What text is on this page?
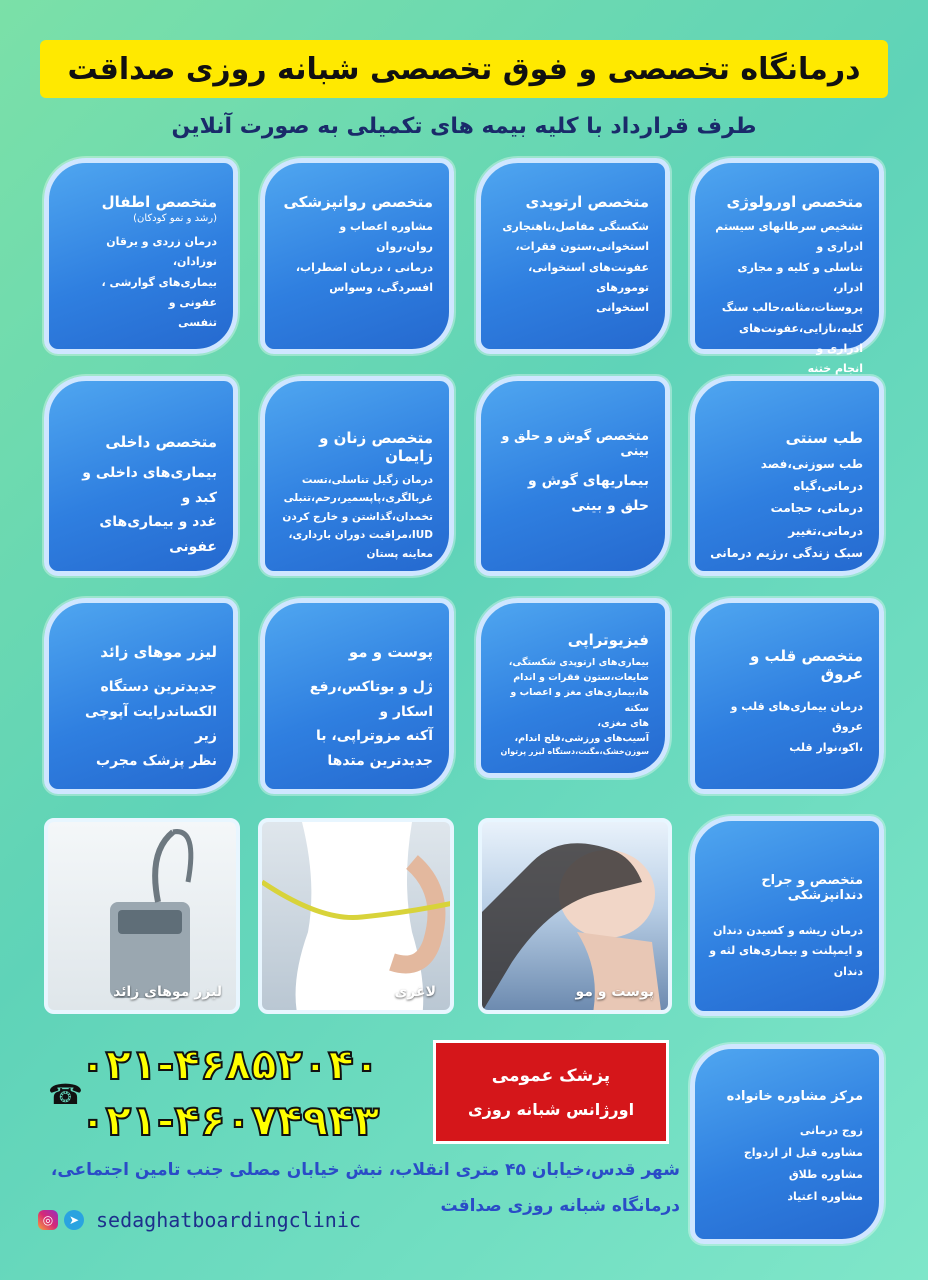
درمانگاه تخصصی و فوق تخصصی شبانه روزی صداقت
طرف قرارداد با کلیه بیمه های تکمیلی به صورت آنلاین
متخصص اورولوژی

تشخیص سرطانهای سیستم ادراری و

تناسلی و کلیه و مجاری ادرار،

پروستات،مثانه،حالب سنگ

کلیه،نازایی،عفونت‌های ادراری و

انجام ختنه

متخصص ارتوپدی

شکستگی مفاصل،ناهنجاری

استخوانی،ستون فقرات،

عفونت‌های استخوانی، تومورهای

استخوانی

متخصص روانپزشکی

مشاوره اعصاب و روان،روان

درمانی ، درمان اضطراب،

افسردگی، وسواس

متخصص اطفال
(رشد و نمو کودکان)

درمان زردی و یرقان نوزادان،

بیماری‌های گوارشی ، عفونی و

تنفسی

طب سنتی

طب سوزنی،فصد درمانی،گیاه

درمانی، حجامت درمانی،تغییر

سبک زندگی ،رژیم درمانی

متخصص گوش و حلق و بینی

بیماریهای گوش و

حلق و بینی

متخصص زنان و زایمان

درمان زگیل تناسلی،تست

غربالگری،پاپسمیر،رحم،تنبلی

تخمدان،گذاشتن و خارج کردن

IUD،مراقبت دوران بارداری،

معاینه پستان

متخصص داخلی

بیماری‌های داخلی و کبد و

غدد و بیماری‌های عفونی

متخصص قلب و عروق

درمان بیماری‌های قلب و عروق

،اکو،نوار قلب

فیزیوتراپی

بیماری‌های ارتوپدی شکستگی،

ضایعات،ستون فقرات و اندام

ها،بیماری‌های مغز و اعصاب و سکته

های مغزی،

آسیب‌های ورزشی،فلج اندام،

سوزن‌خشک،مگنت،دستگاه لیزر پرتوان

پوست و مو

ژل و بوتاکس،رفع اسکار و

آکنه مزوتراپی، با

جدیدترین متدها

لیزر موهای زائد

جدیدترین دستگاه

الکساندرایت آپوچی زیر

نظر پزشک مجرب

متخصص و جراح دندانپزشکی

درمان ریشه و کسیدن دندان

و ایمپلنت و بیماری‌های لثه و

دندان

پوست و مو
لاغری
لیزر موهای زائد
مرکز مشاوره خانواده

زوج درمانی

مشاوره قبل از ازدواج

مشاوره طلاق

مشاوره اعتیاد

☎
۰۲۱-۴۶۸۵۲۰۴۰
۰۲۱-۴۶۰۷۴۹۴۳
پزشک عمومی
اورژانس شبانه روزی
شهر قدس،خیابان ۴۵ متری انقلاب، نبش خیابان مصلی جنب تامین اجتماعی،
درمانگاه شبانه روزی صداقت
◎	➤ sedaghatboardingclinic
